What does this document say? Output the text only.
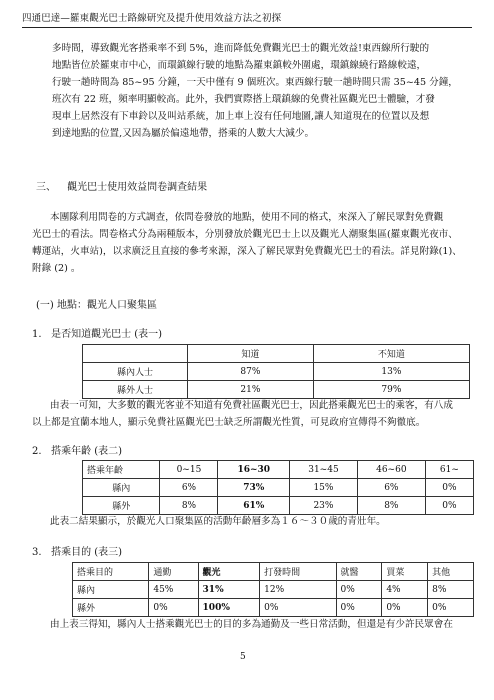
四通巴達—羅東觀光巴士路線研究及提升使用效益方法之初探
多時間，導致觀光客搭乘率不到 5%，進而降低免費觀光巴士的觀光效益!東西線所行駛的
地點皆位於羅東市中心，而環鎮線行駛的地點為羅東鎮較外圍處，環鎮線繞行路線較遠，
行駛一趟時間為 85~95 分鐘，一天中僅有 9 個班次。東西線行駛一趟時間只需 35~45 分鐘，
班次有 22 班，頻率明顯較高。此外，我們實際搭上環鎮線的免費社區觀光巴士體驗，才發
現車上居然沒有下車鈴以及叫站系統，加上車上沒有任何地圖,讓人知道現在的位置以及想
到達地點的位置,又因為屬於偏遠地帶，搭乘的人數大大減少。
三、 觀光巴士使用效益問卷調查結果
本團隊利用問卷的方式調查，依問卷發放的地點，使用不同的格式，來深入了解民眾對免費觀
光巴士的看法。問卷格式分為兩種版本，分別發放於觀光巴士上以及觀光人潮聚集區(羅東觀光夜市、
轉運站，火車站)，以求廣泛且直接的參考來源，深入了解民眾對免費觀光巴士的看法。詳見附錄(1)、
附錄 (2) 。
(一) 地點：觀光人口聚集區
1.   是否知道觀光巴士 (表一)
	知道	不知道
縣內人士	87%	13%
縣外人士	21%	79%
由表一可知，大多數的觀光客並不知道有免費社區觀光巴士，因此搭乘觀光巴士的乘客，有八成
以上都是宜蘭本地人，顯示免費社區觀光巴士缺乏所謂觀光性質，可見政府宣傳得不夠徹底。
2.   搭乘年齡 (表二)
搭乘年齡	0~15	16~30	31~45	46~60	61~
縣內	6%	73%	15%	6%	0%
縣外	8%	61%	23%	8%	0%
此表二結果顯示，於觀光人口聚集區的活動年齡層多為１６～３０歲的青壯年。
3.   搭乘目的 (表三)
搭乘目的	通勤	觀光	打發時間	就醫	買菜	其他
縣內	45%	31%	12%	0%	4%	8%
縣外	0%	100%	0%	0%	0%	0%
由上表三得知，縣內人士搭乘觀光巴士的目的多為通勤及一些日常活動，但還是有少許民眾會在
5
